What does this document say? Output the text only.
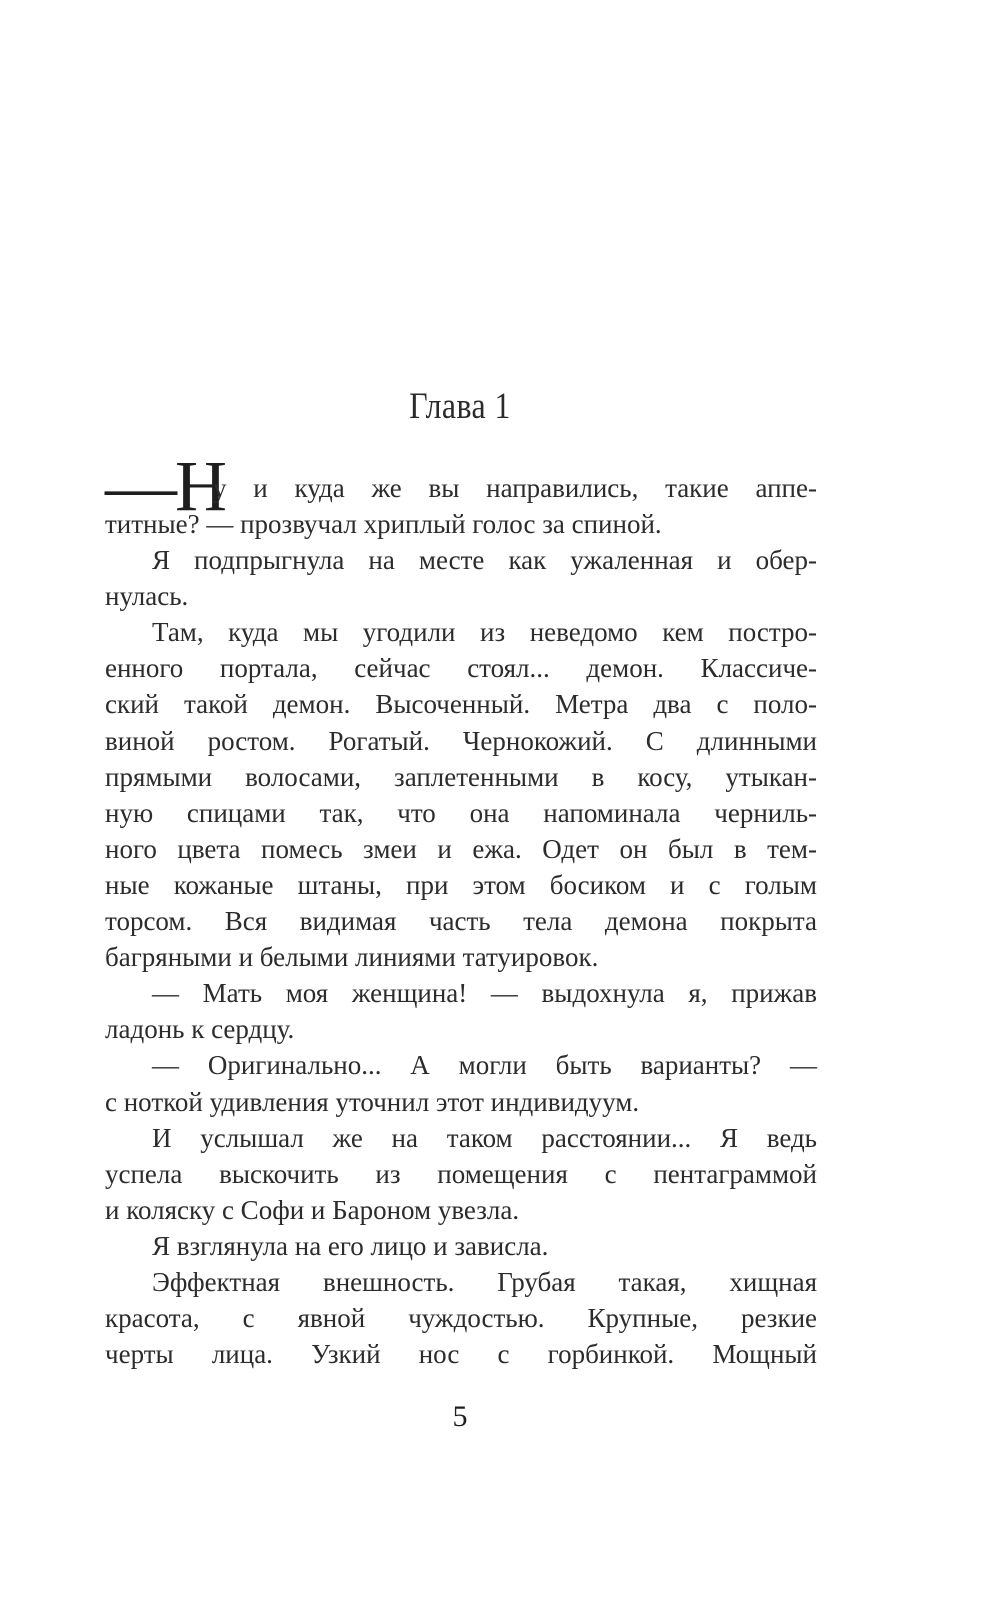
Глава 1
—Н
у и куда же вы направились, такие аппе-
титные? — прозвучал хриплый голос за спиной.
Я подпрыгнула на месте как ужаленная и обер-
нулась.
Там, куда мы угодили из неведомо кем постро-
енного портала, сейчас стоял... демон. Классиче-
ский такой демон. Высоченный. Метра два с поло-
виной ростом. Рогатый. Чернокожий. С длинными
прямыми волосами, заплетенными в косу, утыкан-
ную спицами так, что она напоминала черниль-
ного цвета помесь змеи и ежа. Одет он был в тем-
ные кожаные штаны, при этом босиком и с голым
торсом. Вся видимая часть тела демона покрыта
багряными и белыми линиями татуировок.
— Мать моя женщина! — выдохнула я, прижав
ладонь к сердцу.
— Оригинально... А могли быть варианты? —
с ноткой удивления уточнил этот индивидуум.
И услышал же на таком расстоянии... Я ведь
успела выскочить из помещения с пентаграммой
и коляску с Софи и Бароном увезла.
Я взглянула на его лицо и зависла.
Эффектная внешность. Грубая такая, хищная
красота, с явной чуждостью. Крупные, резкие
черты лица. Узкий нос с горбинкой. Мощный
5
